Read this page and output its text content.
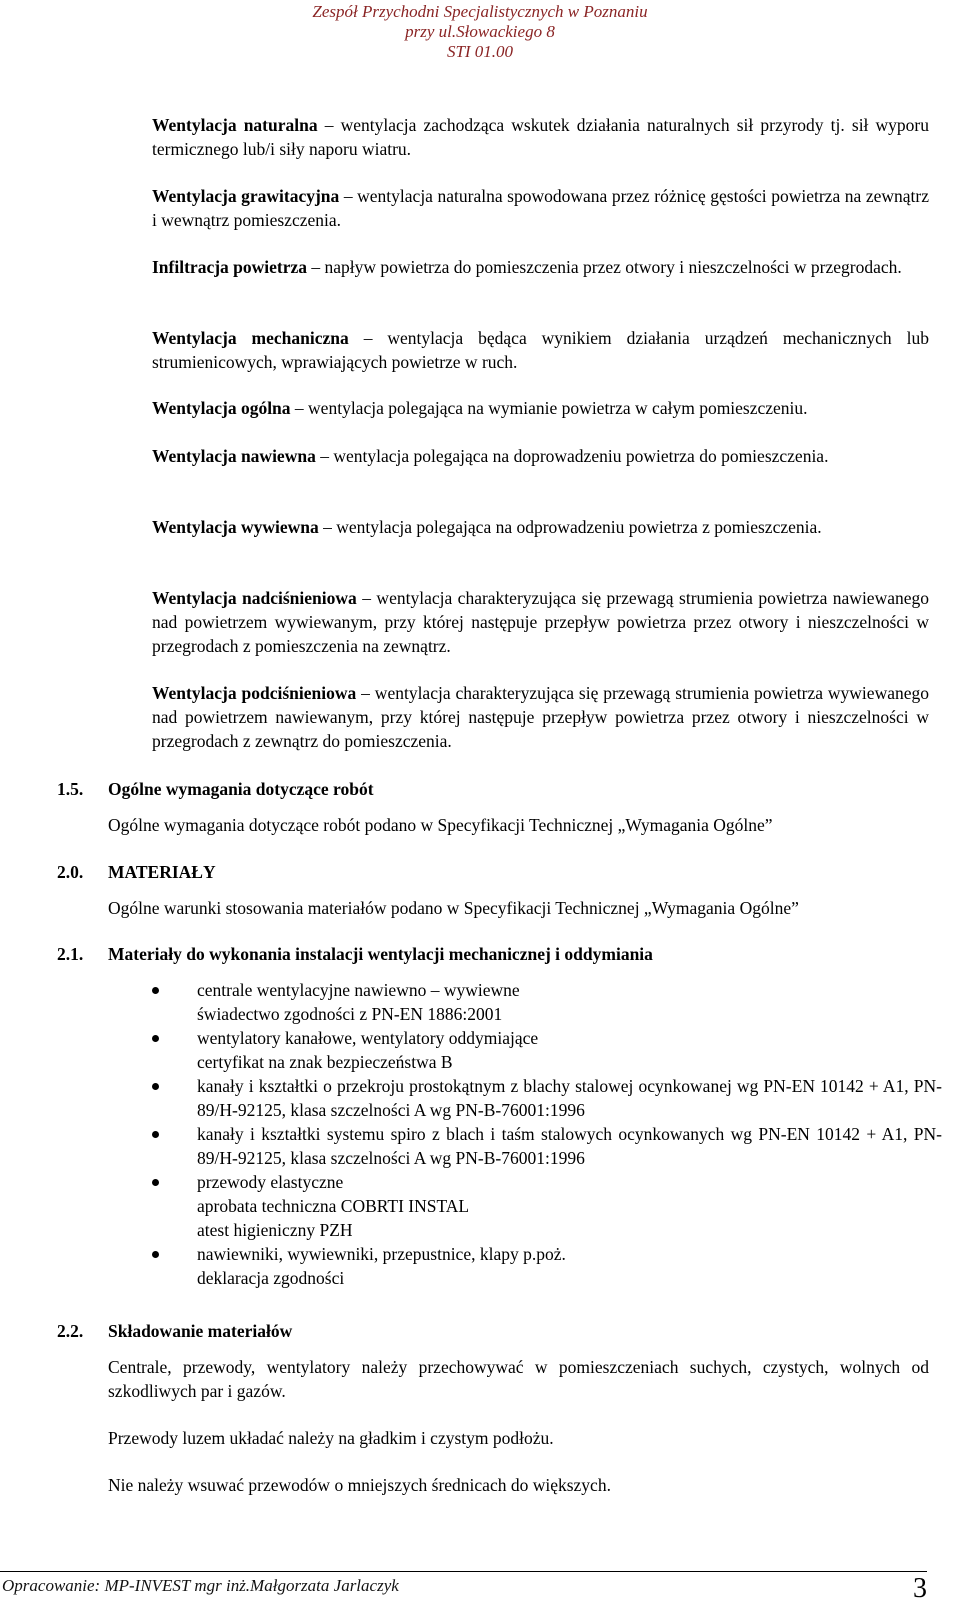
Zespół Przychodni Specjalistycznych w Poznaniu
przy ul.Słowackiego 8
STI 01.00
Wentylacja naturalna – wentylacja zachodząca wskutek działania naturalnych sił przyrody tj. sił wyporu termicznego lub/i siły naporu wiatru.
Wentylacja grawitacyjna – wentylacja naturalna spowodowana przez różnicę gęstości powietrza na zewnątrz i wewnątrz pomieszczenia.
Infiltracja powietrza – napływ powietrza do pomieszczenia przez otwory i nieszczelności w przegrodach.
Wentylacja mechaniczna – wentylacja będąca wynikiem działania urządzeń mechanicznych lub strumienicowych, wprawiających powietrze w ruch.
Wentylacja ogólna – wentylacja polegająca na wymianie powietrza w całym pomieszczeniu.
Wentylacja nawiewna – wentylacja polegająca na doprowadzeniu powietrza do pomieszczenia.
Wentylacja wywiewna – wentylacja polegająca na odprowadzeniu powietrza z pomieszczenia.
Wentylacja nadciśnieniowa – wentylacja charakteryzująca się przewagą strumienia powietrza nawiewanego nad powietrzem wywiewanym, przy której następuje przepływ powietrza przez otwory i nieszczelności w przegrodach z pomieszczenia na zewnątrz.
Wentylacja podciśnieniowa – wentylacja charakteryzująca się przewagą strumienia powietrza wywiewanego nad powietrzem nawiewanym, przy której następuje przepływ powietrza przez otwory i nieszczelności w przegrodach z zewnątrz do pomieszczenia.
1.5. Ogólne wymagania dotyczące robót
Ogólne wymagania dotyczące robót podano w Specyfikacji Technicznej „Wymagania Ogólne”
2.0. MATERIAŁY
Ogólne warunki stosowania materiałów podano w Specyfikacji Technicznej „Wymagania Ogólne”
2.1. Materiały do wykonania instalacji wentylacji mechanicznej i oddymiania
centrale wentylacyjne nawiewno – wywiewne
świadectwo zgodności z PN-EN 1886:2001
wentylatory kanałowe, wentylatory oddymiające
certyfikat na znak bezpieczeństwa B
kanały i kształtki o przekroju prostokątnym z blachy stalowej ocynkowanej wg PN-EN 10142 + A1, PN-89/H-92125, klasa szczelności A wg PN-B-76001:1996
kanały i kształtki systemu spiro z blach i taśm stalowych ocynkowanych wg PN-EN 10142 + A1, PN-89/H-92125, klasa szczelności A wg PN-B-76001:1996
przewody elastyczne
aprobata techniczna COBRTI INSTAL
atest higieniczny PZH
nawiewniki, wywiewniki, przepustnice, klapy p.poż.
deklaracja zgodności
2.2. Składowanie materiałów
Centrale, przewody, wentylatory należy przechowywać w pomieszczeniach suchych, czystych, wolnych od szkodliwych par i gazów.
Przewody luzem układać należy na gładkim i czystym podłożu.
Nie należy wsuwać przewodów o mniejszych średnicach do większych.
Opracowanie: MP-INVEST mgr inż.Małgorzata Jarlaczyk	3
